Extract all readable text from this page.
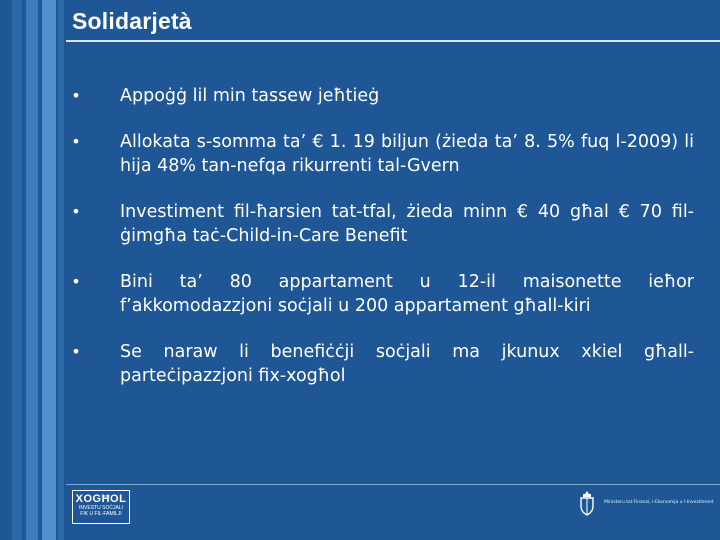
Solidarjetà
•	Appoġġ lil min tassew jeħtieġ
•	Allokata s-somma ta’ € 1. 19 biljun (żieda ta’ 8. 5% fuq l-2009) li hija 48% tan-nefqa rikurrenti tal-Gvern
•	Investiment fil-ħarsien tat-tfal, żieda minn € 40 għal € 70 fil-ġimgħa taċ-Child-in-Care Benefit
•	Bini ta’ 80 appartament u 12-il maisonette ieħor f’akkomodazzjoni soċjali u 200 appartament għall-kiri
•	Se naraw li benefiċċji soċjali ma jkunux xkiel għall-parteċipazzjoni fix-xogħol
XOGĦOL
INVESTU SOĊJALI
FIK U FIL-FAMILJI
Ministeru tal-Finanzi, l-Ekonomija u l-Investiment
